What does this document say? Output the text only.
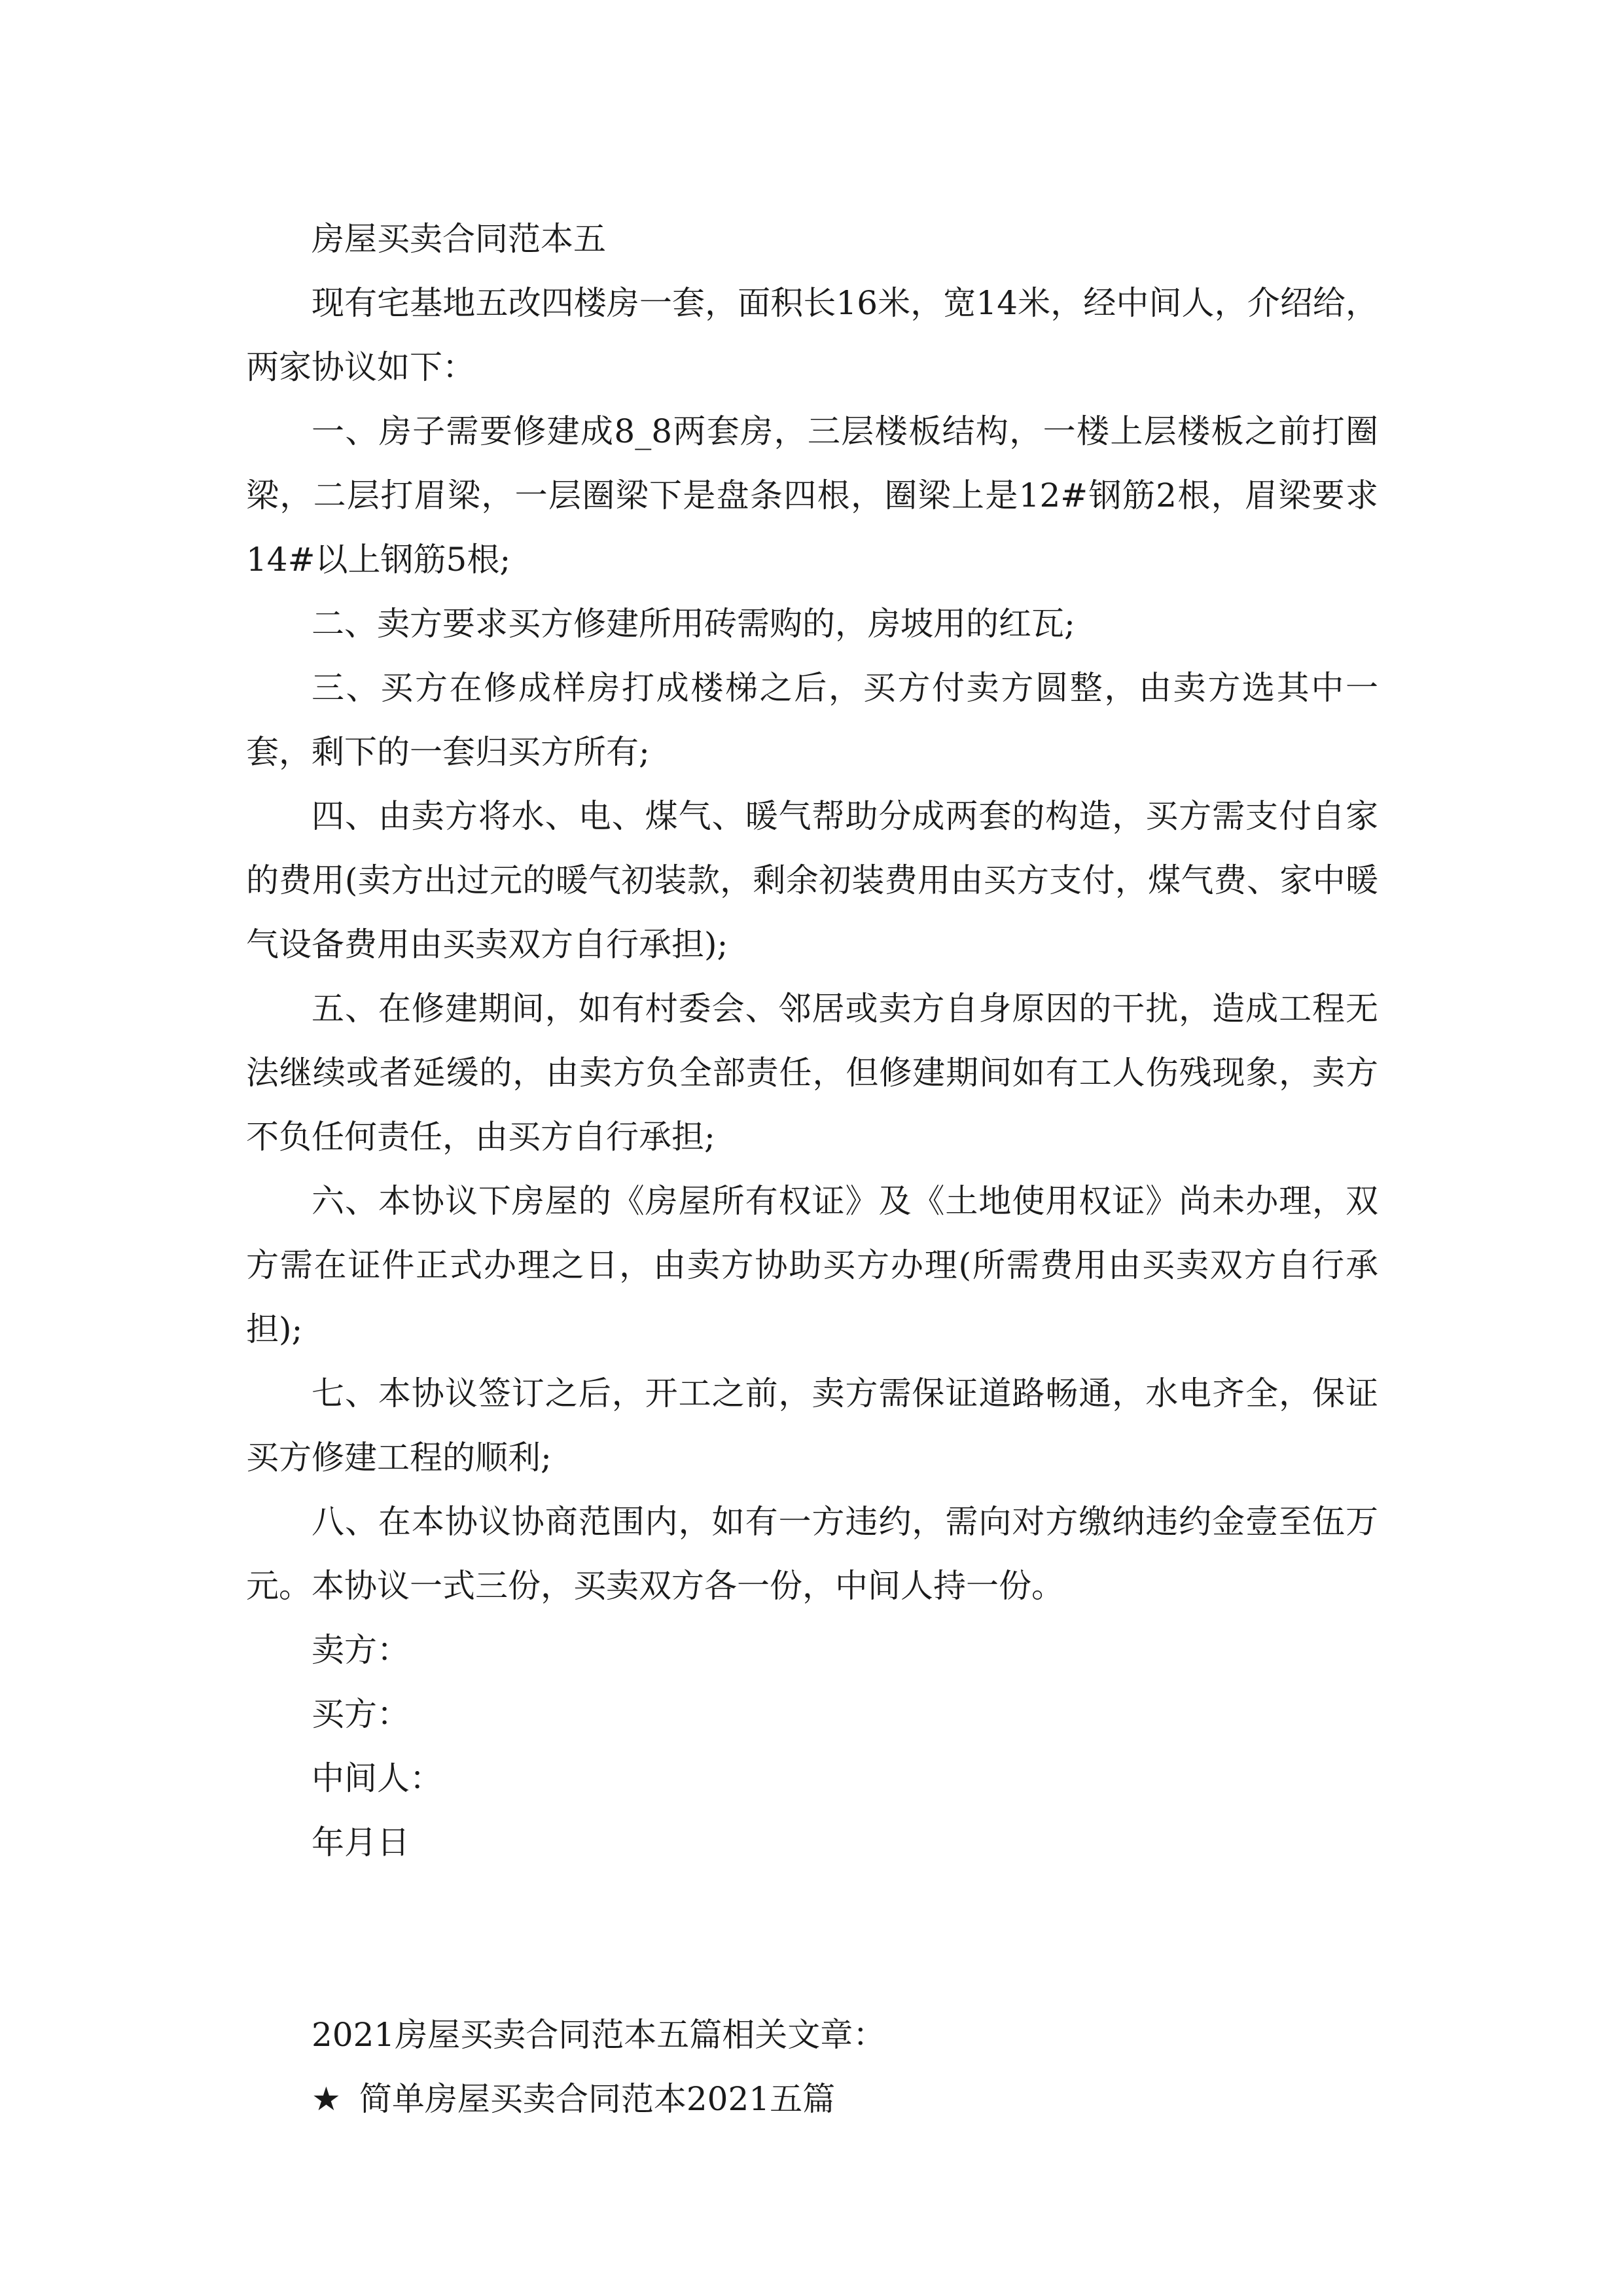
房屋买卖合同范本五

现有宅基地五改四楼房一套，面积长16米，宽14米，经中间人，介绍给，两家协议如下：

一、房子需要修建成8_8两套房，三层楼板结构，一楼上层楼板之前打圈梁，二层打眉梁，一层圈梁下是盘条四根，圈梁上是12#钢筋2根，眉梁要求14#以上钢筋5根;

二、卖方要求买方修建所用砖需购的，房坡用的红瓦;

三、买方在修成样房打成楼梯之后，买方付卖方圆整，由卖方选其中一套，剩下的一套归买方所有;

四、由卖方将水、电、煤气、暖气帮助分成两套的构造，买方需支付自家的费用(卖方出过元的暖气初装款，剩余初装费用由买方支付，煤气费、家中暖气设备费用由买卖双方自行承担);

五、在修建期间，如有村委会、邻居或卖方自身原因的干扰，造成工程无法继续或者延缓的，由卖方负全部责任，但修建期间如有工人伤残现象，卖方不负任何责任，由买方自行承担;

六、本协议下房屋的《房屋所有权证》及《土地使用权证》尚未办理，双方需在证件正式办理之日，由卖方协助买方办理(所需费用由买卖双方自行承担);

七、本协议签订之后，开工之前，卖方需保证道路畅通，水电齐全，保证买方修建工程的顺利;

八、在本协议协商范围内，如有一方违约，需向对方缴纳违约金壹至伍万元。本协议一式三份，买卖双方各一份，中间人持一份。

卖方：

买方：

中间人：

年月日

2021房屋买卖合同范本五篇相关文章：

★ 简单房屋买卖合同范本2021五篇
